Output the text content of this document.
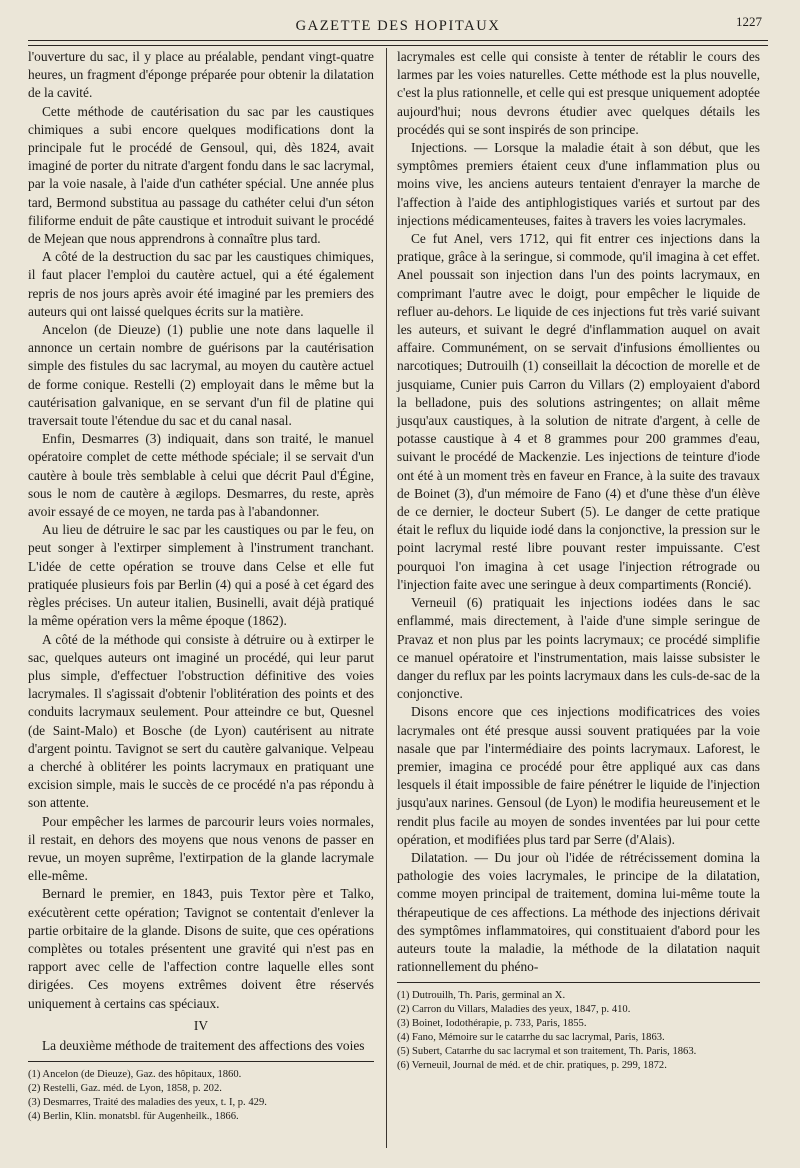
GAZETTE DES HOPITAUX	1227

l'ouverture du sac, il y place au préalable, pendant vingt-quatre heures, un fragment d'éponge préparée pour obtenir la dilatation de la cavité.

Cette méthode de cautérisation du sac par les caustiques chimiques a subi encore quelques modifications dont la principale fut le procédé de Gensoul, qui, dès 1824, avait imaginé de porter du nitrate d'argent fondu dans le sac lacrymal, par la voie nasale, à l'aide d'un cathéter spécial. Une année plus tard, Bermond substitua au passage du cathéter celui d'un séton filiforme enduit de pâte caustique et introduit suivant le procédé de Mejean que nous apprendrons à connaître plus tard.

A côté de la destruction du sac par les caustiques chimiques, il faut placer l'emploi du cautère actuel, qui a été également repris de nos jours après avoir été imaginé par les premiers des auteurs qui ont laissé quelques écrits sur la matière.

Ancelon (de Dieuze) (1) publie une note dans laquelle il annonce un certain nombre de guérisons par la cautérisation simple des fistules du sac lacrymal, au moyen du cautère actuel de forme conique. Restelli (2) employait dans le même but la cautérisation galvanique, en se servant d'un fil de platine qui traversait toute l'étendue du sac et du canal nasal.

Enfin, Desmarres (3) indiquait, dans son traité, le manuel opératoire complet de cette méthode spéciale; il se servait d'un cautère à boule très semblable à celui que décrit Paul d'Égine, sous le nom de cautère à ægilops. Desmarres, du reste, après avoir essayé de ce moyen, ne tarda pas à l'abandonner.

Au lieu de détruire le sac par les caustiques ou par le feu, on peut songer à l'extirper simplement à l'instrument tranchant. L'idée de cette opération se trouve dans Celse et elle fut pratiquée plusieurs fois par Berlin (4) qui a posé à cet égard des règles précises. Un auteur italien, Businelli, avait déjà pratiqué la même opération vers la même époque (1862).

A côté de la méthode qui consiste à détruire ou à extirper le sac, quelques auteurs ont imaginé un procédé, qui leur parut plus simple, d'effectuer l'obstruction définitive des voies lacrymales. Il s'agissait d'obtenir l'oblitération des points et des conduits lacrymaux seulement. Pour atteindre ce but, Quesnel (de Saint-Malo) et Bosche (de Lyon) cautérisent au nitrate d'argent pointu. Tavignot se sert du cautère galvanique. Velpeau a cherché à oblitérer les points lacrymaux en pratiquant une excision simple, mais le succès de ce procédé n'a pas répondu à son attente.

Pour empêcher les larmes de parcourir leurs voies normales, il restait, en dehors des moyens que nous venons de passer en revue, un moyen suprême, l'extirpation de la glande lacrymale elle-même.

Bernard le premier, en 1843, puis Textor père et Talko, exécutèrent cette opération; Tavignot se contentait d'enlever la partie orbitaire de la glande. Disons de suite, que ces opérations complètes ou totales présentent une gravité qui n'est pas en rapport avec celle de l'affection contre laquelle elles sont dirigées. Ces moyens extrêmes doivent être réservés uniquement à certains cas spéciaux.

IV

La deuxième méthode de traitement des affections des voies

(1) Ancelon (de Dieuze), Gaz. des hôpitaux, 1860.
(2) Restelli, Gaz. méd. de Lyon, 1858, p. 202.
(3) Desmarres, Traité des maladies des yeux, t. I, p. 429.
(4) Berlin, Klin. monatsbl. für Augenheilk., 1866.

lacrymales est celle qui consiste à tenter de rétablir le cours des larmes par les voies naturelles. Cette méthode est la plus nouvelle, c'est la plus rationnelle, et celle qui est presque uniquement adoptée aujourd'hui; nous devrons étudier avec quelques détails les procédés qui se sont inspirés de son principe.

Injections. — Lorsque la maladie était à son début, que les symptômes premiers étaient ceux d'une inflammation plus ou moins vive, les anciens auteurs tentaient d'enrayer la marche de l'affection à l'aide des antiphlogistiques variés et surtout par des injections médicamenteuses, faites à travers les voies lacrymales.

Ce fut Anel, vers 1712, qui fit entrer ces injections dans la pratique, grâce à la seringue, si commode, qu'il imagina à cet effet. Anel poussait son injection dans l'un des points lacrymaux, en comprimant l'autre avec le doigt, pour empêcher le liquide de refluer au-dehors. Le liquide de ces injections fut très varié suivant les auteurs, et suivant le degré d'inflammation auquel on avait affaire. Communément, on se servait d'infusions émollientes ou narcotiques; Dutrouilh (1) conseillait la décoction de morelle et de jusquiame, Cunier puis Carron du Villars (2) employaient d'abord la belladone, puis des solutions astringentes; on allait même jusqu'aux caustiques, à la solution de nitrate d'argent, à celle de potasse caustique à 4 et 8 grammes pour 200 grammes d'eau, suivant le procédé de Mackenzie. Les injections de teinture d'iode ont été à un moment très en faveur en France, à la suite des travaux de Boinet (3), d'un mémoire de Fano (4) et d'une thèse d'un élève de ce dernier, le docteur Subert (5). Le danger de cette pratique était le reflux du liquide iodé dans la conjonctive, la pression sur le point lacrymal resté libre pouvant rester impuissante. C'est pourquoi l'on imagina à cet usage l'injection rétrograde ou l'injection faite avec une seringue à deux compartiments (Roncié).

Verneuil (6) pratiquait les injections iodées dans le sac enflammé, mais directement, à l'aide d'une simple seringue de Pravaz et non plus par les points lacrymaux; ce procédé simplifie ce manuel opératoire et l'instrumentation, mais laisse subsister le danger du reflux par les points lacrymaux dans les culs-de-sac de la conjonctive.

Disons encore que ces injections modificatrices des voies lacrymales ont été presque aussi souvent pratiquées par la voie nasale que par l'intermédiaire des points lacrymaux. Laforest, le premier, imagina ce procédé pour être appliqué aux cas dans lesquels il était impossible de faire pénétrer le liquide de l'injection jusqu'aux narines. Gensoul (de Lyon) le modifia heureusement et le rendit plus facile au moyen de sondes inventées par lui pour cette opération, et modifiées plus tard par Serre (d'Alais).

Dilatation. — Du jour où l'idée de rétrécissement domina la pathologie des voies lacrymales, le principe de la dilatation, comme moyen principal de traitement, domina lui-même toute la thérapeutique de ces affections. La méthode des injections dérivait des symptômes inflammatoires, qui constituaient d'abord pour les auteurs toute la maladie, la méthode de la dilatation naquit rationnellement du phéno-

(1) Dutrouilh, Th. Paris, germinal an X.
(2) Carron du Villars, Maladies des yeux, 1847, p. 410.
(3) Boinet, Iodothérapie, p. 733, Paris, 1855.
(4) Fano, Mémoire sur le catarrhe du sac lacrymal, Paris, 1863.
(5) Subert, Catarrhe du sac lacrymal et son traitement, Th. Paris, 1863.
(6) Verneuil, Journal de méd. et de chir. pratiques, p. 299, 1872.
